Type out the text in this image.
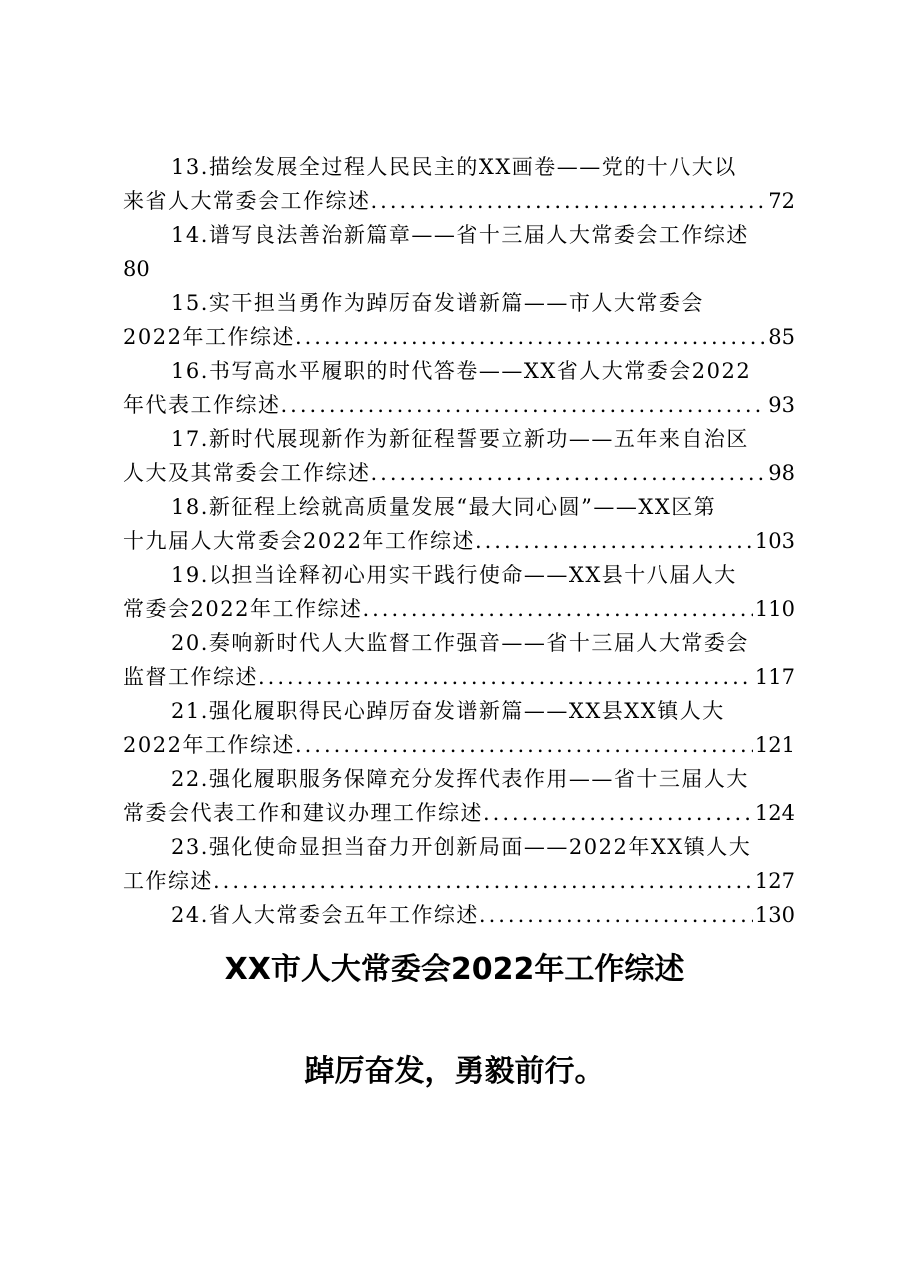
13.描绘发展全过程人民民主的XX画卷——党的十八大以
来省人大常委会工作综述 .....	72
14.谱写良法善治新篇章——省十三届人大常委会工作综述
80
15.实干担当勇作为踔厉奋发谱新篇——市人大常委会
2022年工作综述 .....	85
16.书写高水平履职的时代答卷——XX省人大常委会2022
年代表工作综述 .....	93
17.新时代展现新作为新征程誓要立新功——五年来自治区
人大及其常委会工作综述 .....	98
18.新征程上绘就高质量发展“最大同心圆”——XX区第
十九届人大常委会2022年工作综述 .....	103
19.以担当诠释初心用实干践行使命——XX县十八届人大
常委会2022年工作综述 .....	110
20.奏响新时代人大监督工作强音——省十三届人大常委会
监督工作综述 .....	117
21.强化履职得民心踔厉奋发谱新篇——XX县XX镇人大
2022年工作综述 .....	121
22.强化履职服务保障充分发挥代表作用——省十三届人大
常委会代表工作和建议办理工作综述 .....	124
23.强化使命显担当奋力开创新局面——2022年XX镇人大
工作综述 .....	127
24.省人大常委会五年工作综述 .....	130
XX市人大常委会2022年工作综述
踔厉奋发，勇毅前行。
